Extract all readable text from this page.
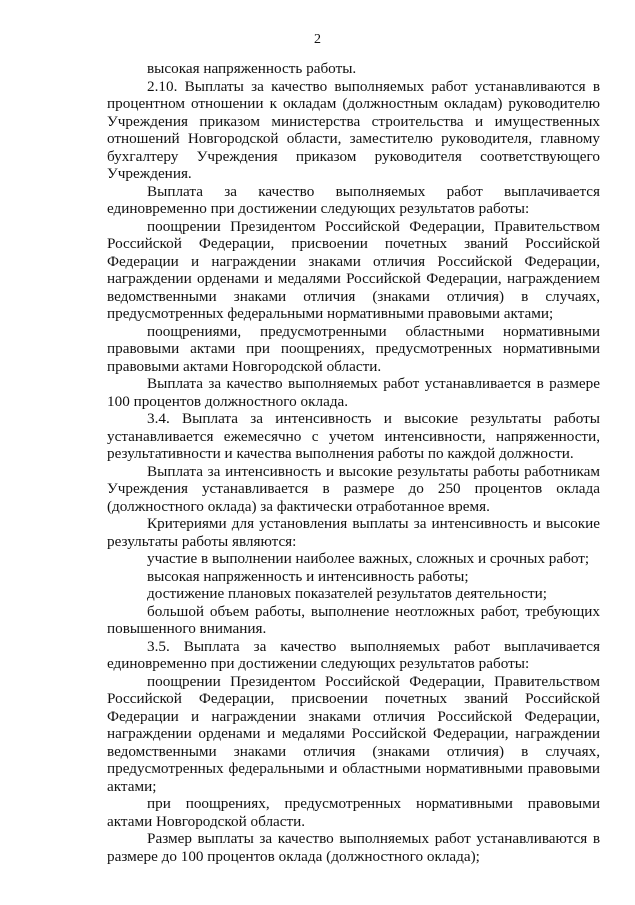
2

высокая напряженность работы.

2.10. Выплаты за качество выполняемых работ устанавливаются в процентном отношении к окладам (должностным окладам) руководителю Учреждения приказом министерства строительства и имущественных отношений Новгородской области, заместителю руководителя, главному бухгалтеру Учреждения приказом руководителя соответствующего Учреждения.

Выплата за качество выполняемых работ выплачивается единовременно при достижении следующих результатов работы:

поощрении Президентом Российской Федерации, Правительством Российской Федерации, присвоении почетных званий Российской Федерации и награждении знаками отличия Российской Федерации, награждении орденами и медалями Российской Федерации, награждением ведомственными знаками отличия (знаками отличия) в случаях, предусмотренных федеральными нормативными правовыми актами;

поощрениями, предусмотренными областными нормативными правовыми актами при поощрениях, предусмотренных нормативными правовыми актами Новгородской области.

Выплата за качество выполняемых работ устанавливается в размере 100 процентов должностного оклада.

3.4. Выплата за интенсивность и высокие результаты работы устанавливается ежемесячно с учетом интенсивности, напряженности, результативности и качества выполнения работы по каждой должности.

Выплата за интенсивность и высокие результаты работы работникам Учреждения устанавливается в размере до 250 процентов оклада (должностного оклада) за фактически отработанное время.

Критериями для установления выплаты за интенсивность и высокие результаты работы являются:

участие в выполнении наиболее важных, сложных и срочных работ;

высокая напряженность и интенсивность работы;

достижение плановых показателей результатов деятельности;

большой объем работы, выполнение неотложных работ, требующих повышенного внимания.

3.5. Выплата за качество выполняемых работ выплачивается единовременно при достижении следующих результатов работы:

поощрении Президентом Российской Федерации, Правительством Российской Федерации, присвоении почетных званий Российской Федерации и награждении знаками отличия Российской Федерации, награждении орденами и медалями Российской Федерации, награждении ведомственными знаками отличия (знаками отличия) в случаях, предусмотренных федеральными и областными нормативными правовыми актами;

при поощрениях, предусмотренных нормативными правовыми актами Новгородской области.

Размер выплаты за качество выполняемых работ устанавливаются в размере до 100 процентов оклада (должностного оклада);
